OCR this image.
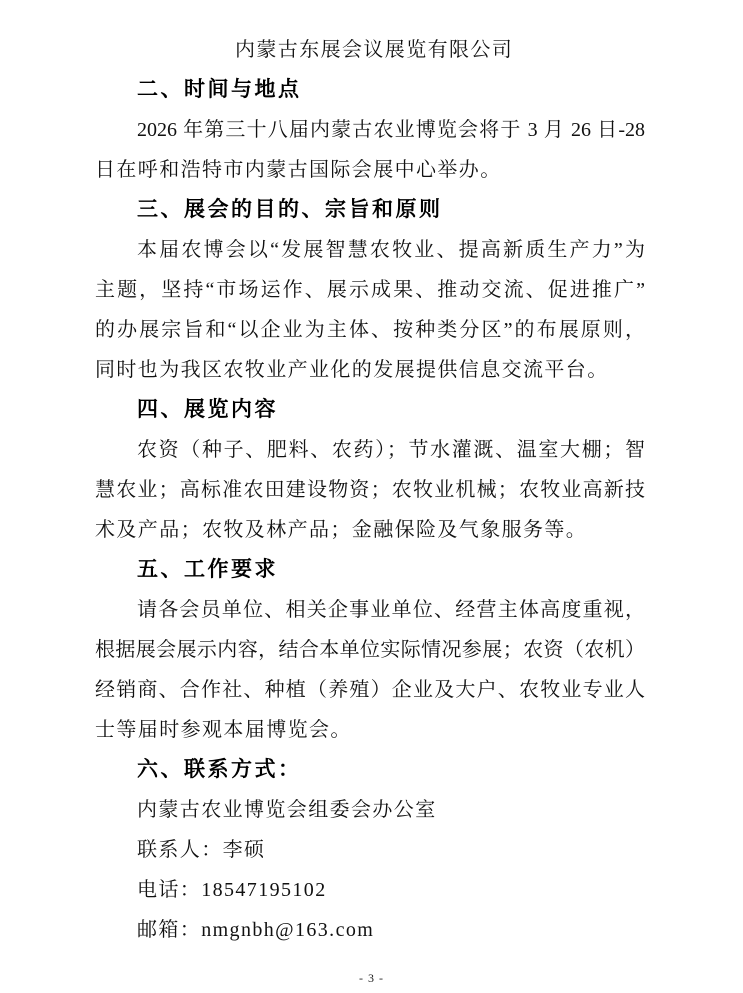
内蒙古东展会议展览有限公司
二、时间与地点
2026 年第三十八届内蒙古农业博览会将于 3 月 26 日-28
日在呼和浩特市内蒙古国际会展中心举办。
三、展会的目的、宗旨和原则
本届农博会以“发展智慧农牧业、提高新质生产力”为
主题，坚持“市场运作、展示成果、推动交流、促进推广”
的办展宗旨和“以企业为主体、按种类分区”的布展原则，
同时也为我区农牧业产业化的发展提供信息交流平台。
四、展览内容
农资（种子、肥料、农药）；节水灌溉、温室大棚；智
慧农业；高标准农田建设物资；农牧业机械；农牧业高新技
术及产品；农牧及林产品；金融保险及气象服务等。
五、工作要求
请各会员单位、相关企事业单位、经营主体高度重视，
根据展会展示内容，结合本单位实际情况参展；农资（农机）
经销商、合作社、种植（养殖）企业及大户、农牧业专业人
士等届时参观本届博览会。
六、联系方式：
内蒙古农业博览会组委会办公室
联系人：李硕
电话：18547195102
邮箱：nmgnbh@163.com
- 3 -
